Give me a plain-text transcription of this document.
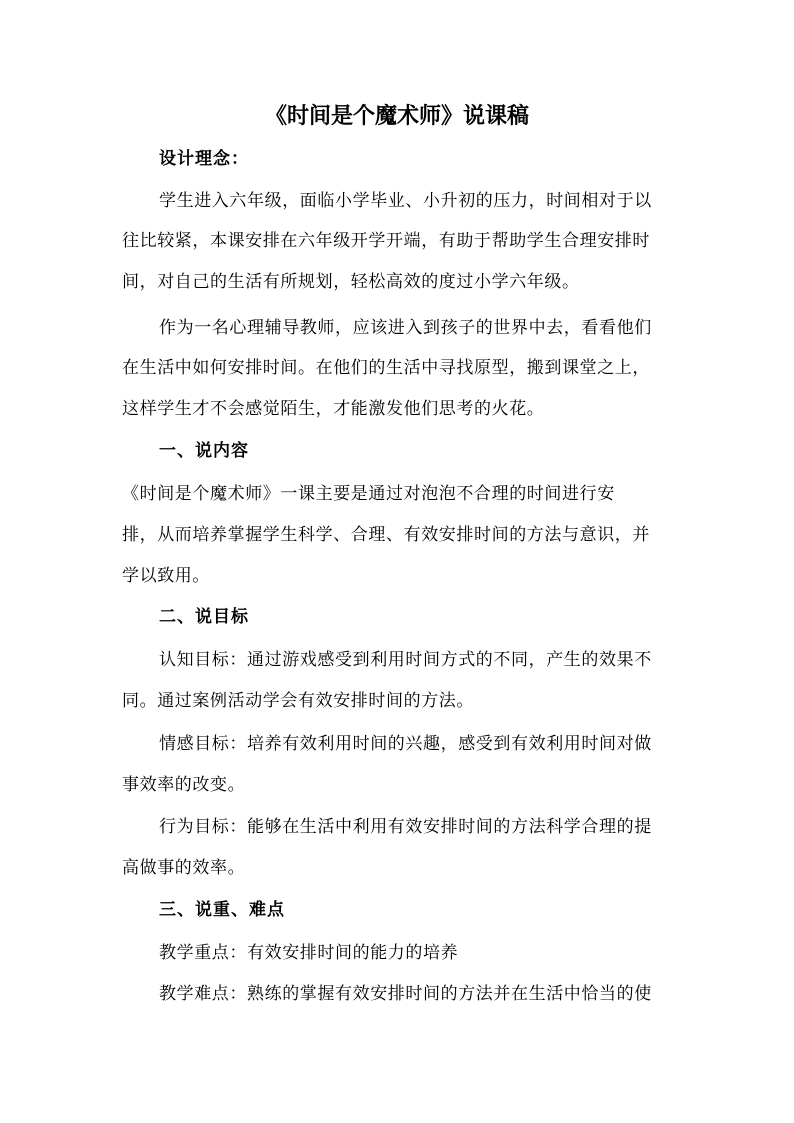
《时间是个魔术师》说课稿
设计理念：
学生进入六年级，面临小学毕业、小升初的压力，时间相对于以
往比较紧，本课安排在六年级开学开端，有助于帮助学生合理安排时
间，对自己的生活有所规划，轻松高效的度过小学六年级。
作为一名心理辅导教师，应该进入到孩子的世界中去，看看他们
在生活中如何安排时间。在他们的生活中寻找原型，搬到课堂之上，
这样学生才不会感觉陌生，才能激发他们思考的火花。
一、说内容
《时间是个魔术师》一课主要是通过对泡泡不合理的时间进行安
排，从而培养掌握学生科学、合理、有效安排时间的方法与意识，并
学以致用。
二、说目标
认知目标：通过游戏感受到利用时间方式的不同，产生的效果不
同。通过案例活动学会有效安排时间的方法。
情感目标：培养有效利用时间的兴趣，感受到有效利用时间对做
事效率的改变。
行为目标：能够在生活中利用有效安排时间的方法科学合理的提
高做事的效率。
三、说重、难点
教学重点：有效安排时间的能力的培养
教学难点：熟练的掌握有效安排时间的方法并在生活中恰当的使
